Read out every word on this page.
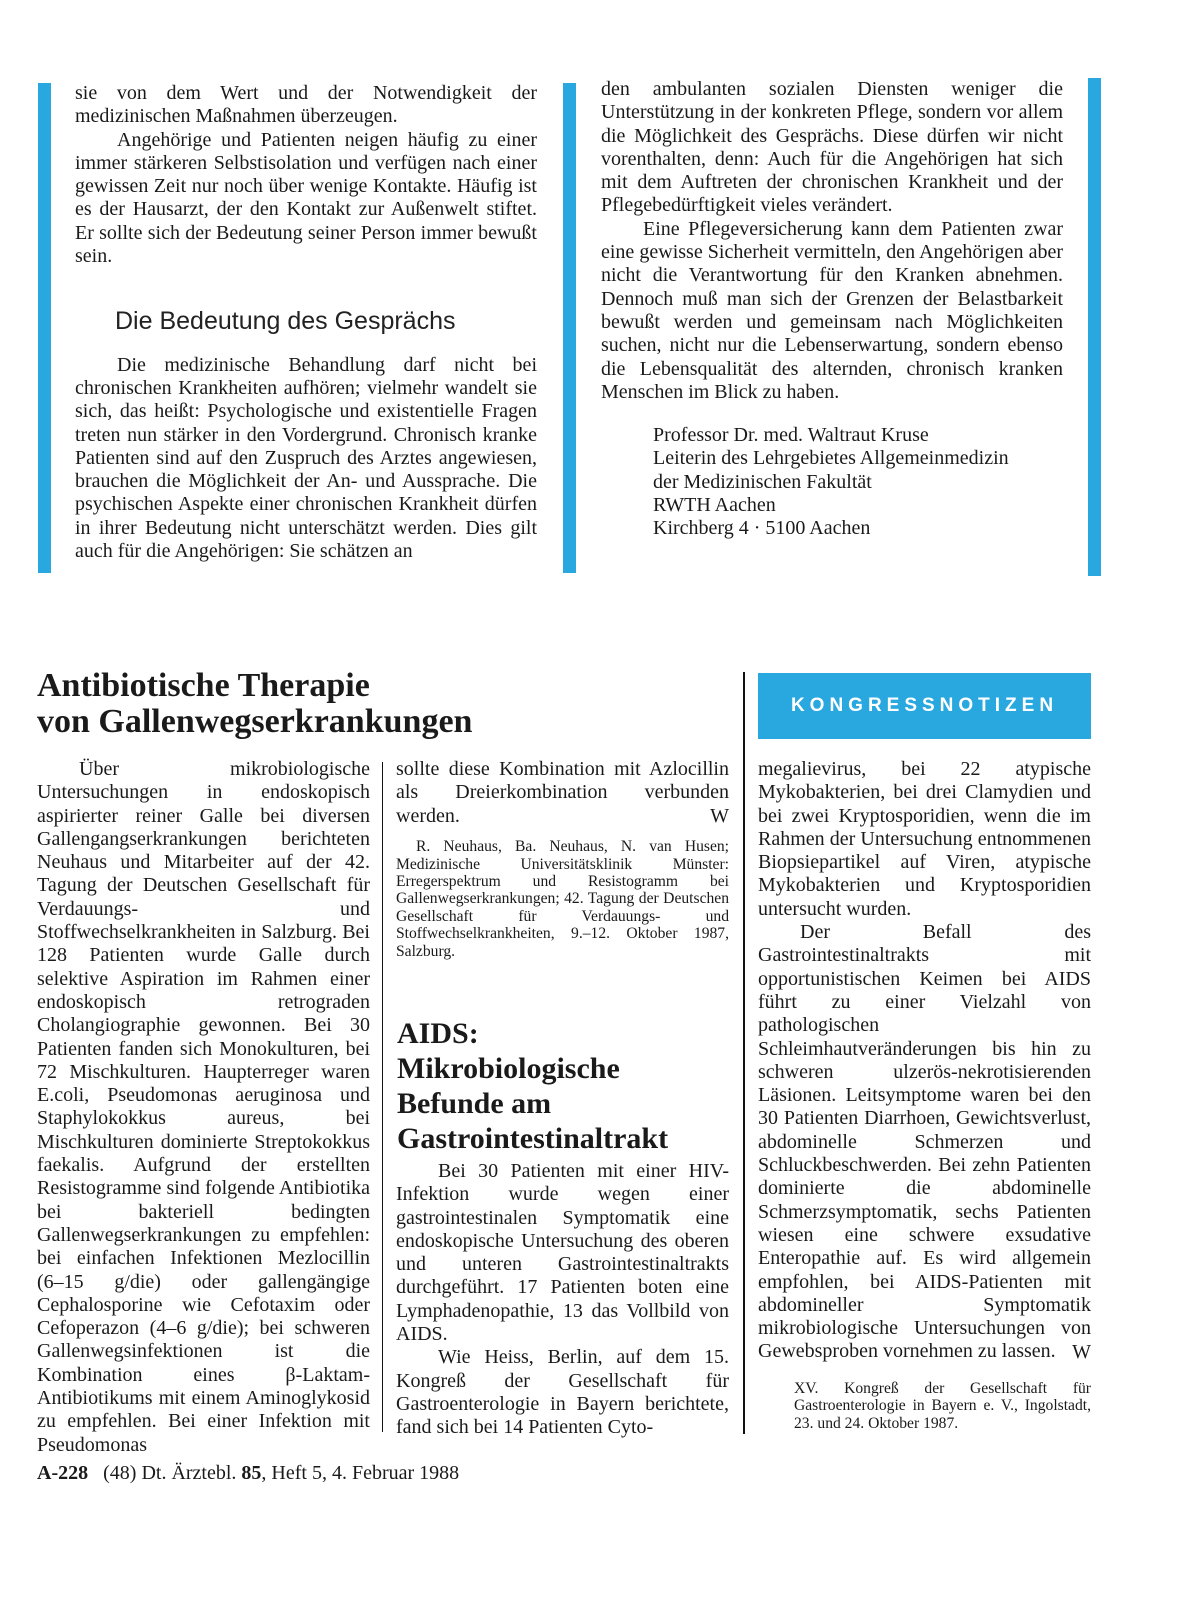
sie von dem Wert und der Notwendigkeit der medizinischen Maßnahmen überzeugen.

Angehörige und Patienten neigen häufig zu einer immer stärkeren Selbstisolation und verfügen nach einer gewissen Zeit nur noch über wenige Kontakte. Häufig ist es der Hausarzt, der den Kontakt zur Außenwelt stiftet. Er sollte sich der Bedeutung seiner Person immer bewußt sein.

Die Bedeutung des Gesprächs

Die medizinische Behandlung darf nicht bei chronischen Krankheiten aufhören; vielmehr wandelt sie sich, das heißt: Psychologische und existentielle Fragen treten nun stärker in den Vordergrund. Chronisch kranke Patienten sind auf den Zuspruch des Arztes angewiesen, brauchen die Möglichkeit der An- und Aussprache. Die psychischen Aspekte einer chronischen Krankheit dürfen in ihrer Bedeutung nicht unterschätzt werden. Dies gilt auch für die Angehörigen: Sie schätzen an

den ambulanten sozialen Diensten weniger die Unterstützung in der konkreten Pflege, sondern vor allem die Möglichkeit des Gesprächs. Diese dürfen wir nicht vorenthalten, denn: Auch für die Angehörigen hat sich mit dem Auftreten der chronischen Krankheit und der Pflegebedürftigkeit vieles verändert.

Eine Pflegeversicherung kann dem Patienten zwar eine gewisse Sicherheit vermitteln, den Angehörigen aber nicht die Verantwortung für den Kranken abnehmen. Dennoch muß man sich der Grenzen der Belastbarkeit bewußt werden und gemeinsam nach Möglichkeiten suchen, nicht nur die Lebenserwartung, sondern ebenso die Lebensqualität des alternden, chronisch kranken Menschen im Blick zu haben.

Professor Dr. med. Waltraut Kruse
Leiterin des Lehrgebietes Allgemeinmedizin
der Medizinischen Fakultät
RWTH Aachen
Kirchberg 4 · 5100 Aachen
Antibiotische Therapie
von Gallenwegserkrankungen	KONGRESSNOTIZEN

Über mikrobiologische Untersuchungen in endoskopisch aspirierter reiner Galle bei diversen Gallengangserkrankungen berichteten Neuhaus und Mitarbeiter auf der 42. Tagung der Deutschen Gesellschaft für Verdauungs- und Stoffwechselkrankheiten in Salzburg. Bei 128 Patienten wurde Galle durch selektive Aspiration im Rahmen einer endoskopisch retrograden Cholangiographie gewonnen. Bei 30 Patienten fanden sich Monokulturen, bei 72 Mischkulturen. Haupterreger waren E.coli, Pseudomonas aeruginosa und Staphylokokkus aureus, bei Mischkulturen dominierte Streptokokkus faekalis. Aufgrund der erstellten Resistogramme sind folgende Antibiotika bei bakteriell bedingten Gallenwegserkrankungen zu empfehlen: bei einfachen Infektionen Mezlocillin (6–15 g/die) oder gallengängige Cephalosporine wie Cefotaxim oder Cefoperazon (4–6 g/die); bei schweren Gallenwegsinfektionen ist die Kombination eines β-Laktam-Antibiotikums mit einem Aminoglykosid zu empfehlen. Bei einer Infektion mit Pseudomonas

sollte diese Kombination mit Azlocillin als Dreierkombination verbunden werden.	W
R. Neuhaus, Ba. Neuhaus, N. van Husen; Medizinische Universitätsklinik Münster: Erregerspektrum und Resistogramm bei Gallenwegserkrankungen; 42. Tagung der Deutschen Gesellschaft für Verdauungs- und Stoffwechselkrankheiten, 9.–12. Oktober 1987, Salzburg.
AIDS:
Mikrobiologische
Befunde am
Gastrointestinaltrakt

Bei 30 Patienten mit einer HIV-Infektion wurde wegen einer gastrointestinalen Symptomatik eine endoskopische Untersuchung des oberen und unteren Gastrointestinaltrakts durchgeführt. 17 Patienten boten eine Lymphadenopathie, 13 das Vollbild von AIDS.

Wie Heiss, Berlin, auf dem 15. Kongreß der Gesellschaft für Gastroenterologie in Bayern berichtete, fand sich bei 14 Patienten Cyto-

megalievirus, bei 22 atypische Mykobakterien, bei drei Clamydien und bei zwei Kryptosporidien, wenn die im Rahmen der Untersuchung entnommenen Biopsiepartikel auf Viren, atypische Mykobakterien und Kryptosporidien untersucht wurden.

Der Befall des Gastrointestinaltrakts mit opportunistischen Keimen bei AIDS führt zu einer Vielzahl von pathologischen Schleimhautveränderungen bis hin zu schweren ulzerös-nekrotisierenden Läsionen. Leitsymptome waren bei den 30 Patienten Diarrhoen, Gewichtsverlust, abdominelle Schmerzen und Schluckbeschwerden. Bei zehn Patienten dominierte die abdominelle Schmerzsymptomatik, sechs Patienten wiesen eine schwere exsudative Enteropathie auf. Es wird allgemein empfohlen, bei AIDS-Patienten mit abdomineller Symptomatik mikrobiologische Untersuchungen von Gewebsproben vornehmen zu lassen. W
XV. Kongreß der Gesellschaft für Gastroenterologie in Bayern e. V., Ingolstadt, 23. und 24. Oktober 1987.
A-228 (48) Dt. Ärztebl. 85, Heft 5, 4. Februar 1988
